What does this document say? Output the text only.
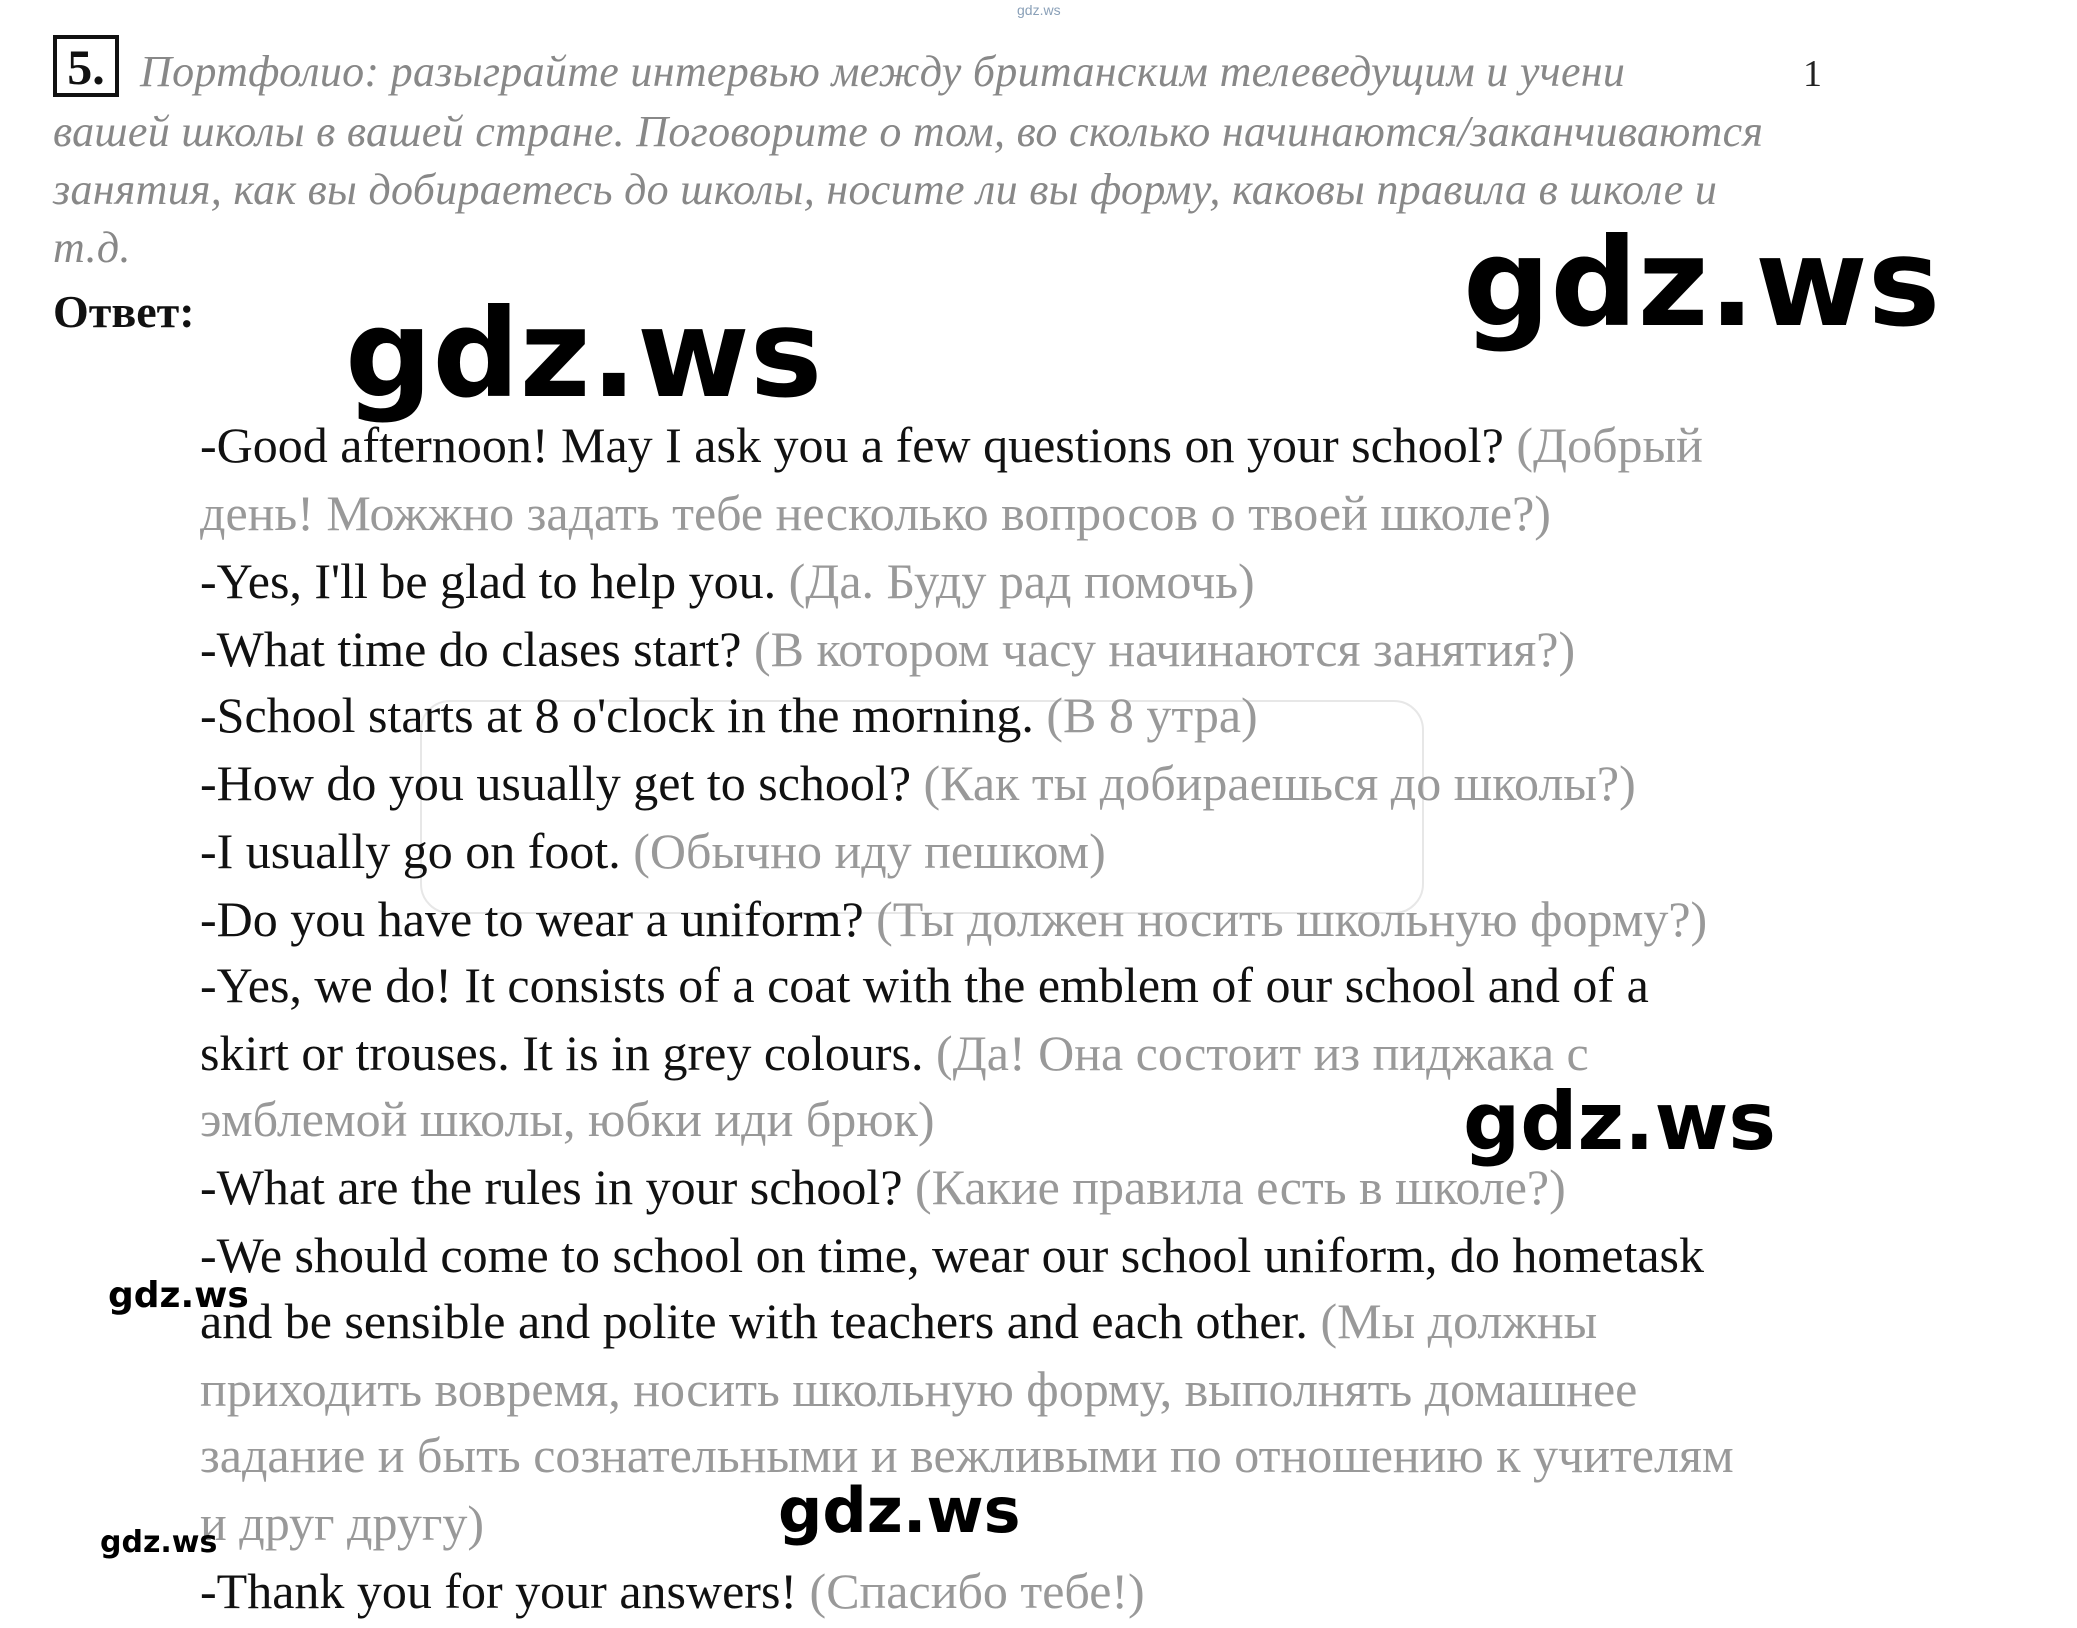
gdz.ws
5. Портфолио: разыграйте интервью между британским телеведущим и учени
вашей школы в вашей стране. Поговорите о том, во сколько начинаются/заканчиваются
занятия, как вы добираетесь до школы, носите ли вы форму, каковы правила в школе и
т.д.
1
Ответ:
-Good afternoon! May I ask you a few questions on your school? (Добрый
день! Можжно задать тебе несколько вопросов о твоей школе?)
-Yes, I'll be glad to help you. (Да. Буду рад помочь)
-What time do clases start? (В котором часу начинаются занятия?)
-School starts at 8 o'clock in the morning. (В 8 утра)
-How do you usually get to school? (Как ты добираешься до школы?)
-I usually go on foot. (Обычно иду пешком)
-Do you have to wear a uniform? (Ты должен носить школьную форму?)
-Yes, we do! It consists of a coat with the emblem of our school and of a
skirt or trouses. It is in grey colours. (Да! Она состоит из пиджака с
эмблемой школы, юбки иди брюк)
-What are the rules in your school? (Какие правила есть в школе?)
-We should come to school on time, wear our school uniform, do hometask
and be sensible and polite with teachers and each other. (Мы должны
приходить вовремя, носить школьную форму, выполнять домашнее
задание и быть сознательными и вежливыми по отношению к учителям
и друг другу)
-Thank you for your answers! (Спасибо тебе!)
gdz.ws
gdz.ws
gdz.ws
gdz.ws
gdz.ws
gdz.ws
